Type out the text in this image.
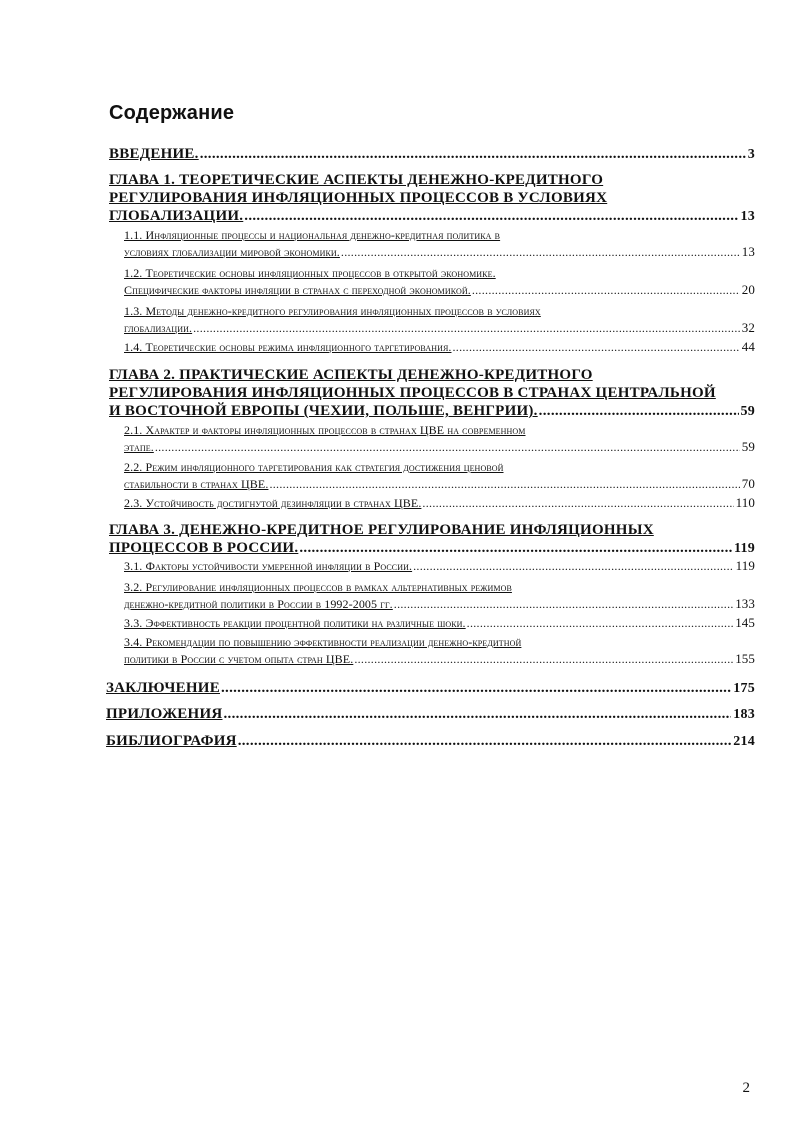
Содержание
ВВЕДЕНИЕ. .....	3
ГЛАВА 1. ТЕОРЕТИЧЕСКИЕ АСПЕКТЫ ДЕНЕЖНО-КРЕДИТНОГО
РЕГУЛИРОВАНИЯ ИНФЛЯЦИОННЫХ ПРОЦЕССОВ В УСЛОВИЯХ
ГЛОБАЛИЗАЦИИ. .....	13
1.1. Инфляционные процессы и национальная денежно-кредитная политика в
условиях глобализации мировой экономики. .....	13
1.2. Теоретические основы инфляционных процессов в открытой экономике.
Специфические факторы инфляции в странах с переходной экономикой. .....	20
1.3. Методы денежно-кредитного регулирования инфляционных процессов в условиях
глобализации. .....	32
1.4. Теоретические основы режима инфляционного таргетирования. .....	44
ГЛАВА 2. ПРАКТИЧЕСКИЕ АСПЕКТЫ ДЕНЕЖНО-КРЕДИТНОГО
РЕГУЛИРОВАНИЯ ИНФЛЯЦИОННЫХ ПРОЦЕССОВ В СТРАНАХ ЦЕНТРАЛЬНОЙ
И ВОСТОЧНОЙ ЕВРОПЫ (ЧЕХИИ, ПОЛЬШЕ, ВЕНГРИИ). .....	59
2.1. Характер и факторы инфляционных процессов в странах ЦВЕ на современном
этапе. .....	59
2.2. Режим инфляционного таргетирования как стратегия достижения ценовой
стабильности в странах ЦВЕ. .....	70
2.3. Устойчивость достигнутой дезинфляции в странах ЦВЕ. .....	110
ГЛАВА 3. ДЕНЕЖНО-КРЕДИТНОЕ РЕГУЛИРОВАНИЕ ИНФЛЯЦИОННЫХ
ПРОЦЕССОВ В РОССИИ. .....	119
3.1. Факторы устойчивости умеренной инфляции в России. .....	119
3.2. Регулирование инфляционных процессов в рамках альтернативных режимов
денежно-кредитной политики в России в 1992-2005 гг. .....	133
3.3. Эффективность реакции процентной политики на различные шоки. .....	145
3.4. Рекомендации по повышению эффективности реализации денежно-кредитной
политики в России с учетом опыта стран ЦВЕ. .....	155
ЗАКЛЮЧЕНИЕ .....	175
ПРИЛОЖЕНИЯ .....	183
БИБЛИОГРАФИЯ .....	214
2
